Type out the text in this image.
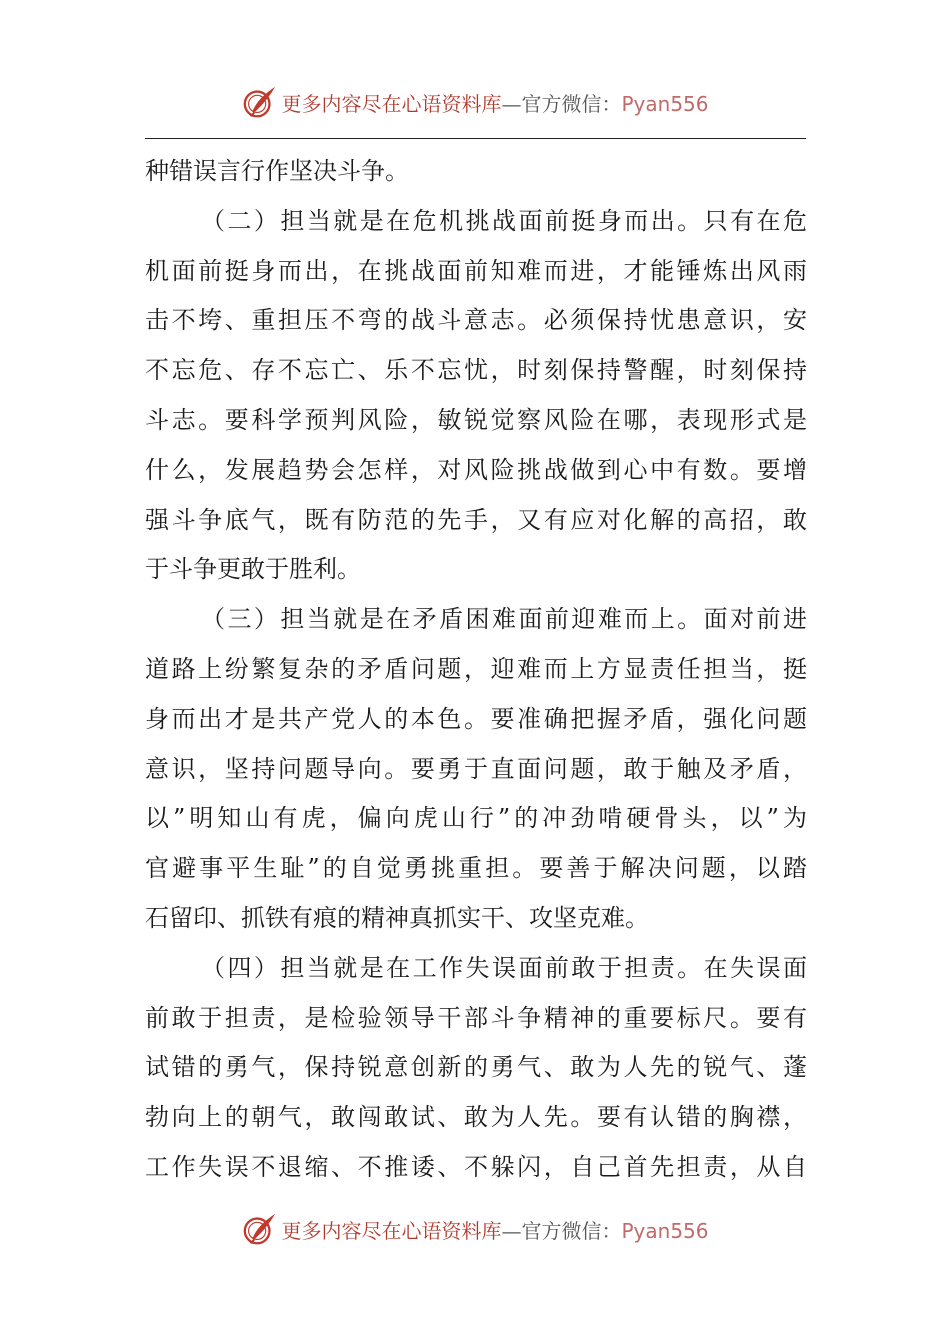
更多内容尽在心语资料库—官方微信：Pyan556
种错误言行作坚决斗争。
（二）担当就是在危机挑战面前挺身而出。只有在危
机面前挺身而出，在挑战面前知难而进，才能锤炼出风雨
击不垮、重担压不弯的战斗意志。必须保持忧患意识，安
不忘危、存不忘亡、乐不忘忧，时刻保持警醒，时刻保持
斗志。要科学预判风险，敏锐觉察风险在哪，表现形式是
什么，发展趋势会怎样，对风险挑战做到心中有数。要增
强斗争底气，既有防范的先手，又有应对化解的高招，敢
于斗争更敢于胜利。
（三）担当就是在矛盾困难面前迎难而上。面对前进
道路上纷繁复杂的矛盾问题，迎难而上方显责任担当，挺
身而出才是共产党人的本色。要准确把握矛盾，强化问题
意识，坚持问题导向。要勇于直面问题，敢于触及矛盾，
以”明知山有虎，偏向虎山行”的冲劲啃硬骨头，以”为
官避事平生耻”的自觉勇挑重担。要善于解决问题，以踏
石留印、抓铁有痕的精神真抓实干、攻坚克难。
（四）担当就是在工作失误面前敢于担责。在失误面
前敢于担责，是检验领导干部斗争精神的重要标尺。要有
试错的勇气，保持锐意创新的勇气、敢为人先的锐气、蓬
勃向上的朝气，敢闯敢试、敢为人先。要有认错的胸襟，
工作失误不退缩、不推诿、不躲闪，自己首先担责，从自
更多内容尽在心语资料库—官方微信：Pyan556
